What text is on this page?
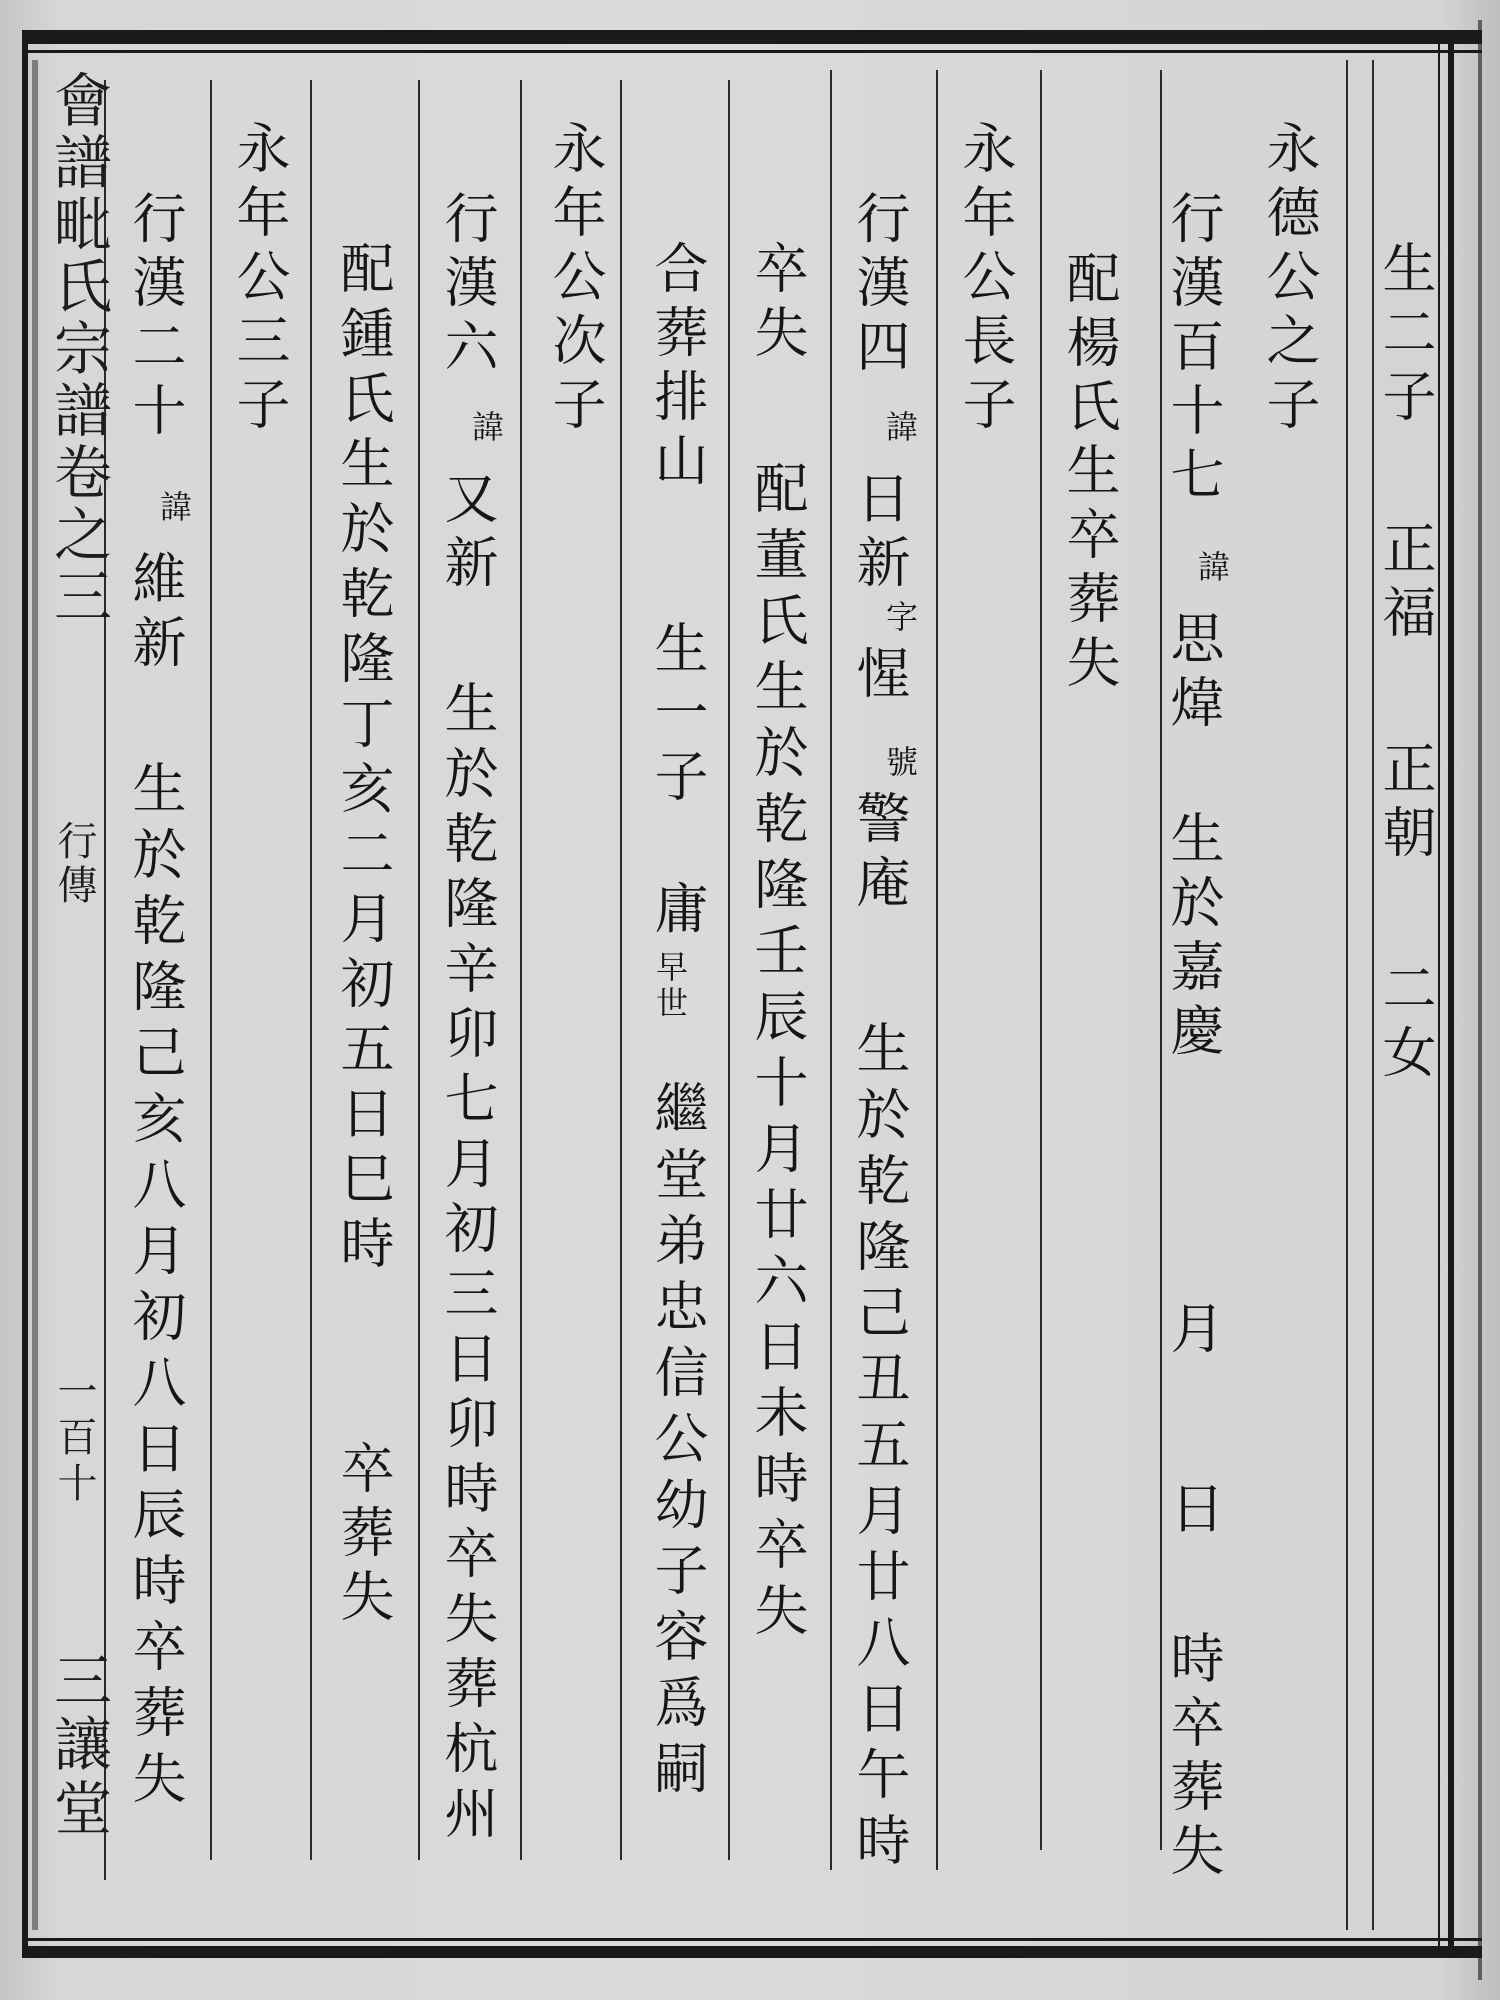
會譜毗氏宗譜卷之三
行傳
一百十
三讓堂
生二子
正福
正朝
二女
永德公之子
行漢百十七
諱
思煒
生於嘉慶
月
日
時卒葬失
配楊氏生卒葬失
永年公長子
行漢四
諱
日新
字
惺
號
警庵
生於乾隆己丑五月廿八日午時
卒失
配董氏生於乾隆壬辰十月廿六日未時卒失
合葬排山
生一子
庸
早世
繼堂弟忠信公幼子容爲嗣
永年公次子
行漢六
諱
又新
生於乾隆辛卯七月初三日卯時卒失葬杭州
配鍾氏生於乾隆丁亥二月初五日巳時
卒葬失
永年公三子
行漢二十
諱
維新
生於乾隆己亥八月初八日辰時卒葬失
